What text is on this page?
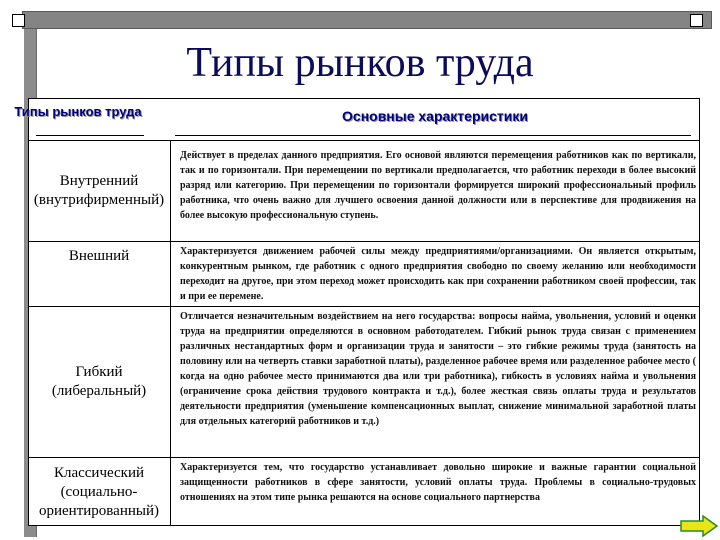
Типы рынков труда
Типы рынков труда	Основные характеристики
Внутренний (внутрифирменный)
Действует в пределах данного предприятия. Его основой являются перемещения работников как по вертикали, так и по горизонтали. При перемещении по вертикали предполагается, что работник переходи в более высокий разряд или категорию. При перемещении по горизонтали формируется широкий профессиональный профиль работника, что очень важно для лучшего освоения данной должности или в перспективе для продвижения на более высокую профессиональную ступень.
Внешний	Характеризуется движением рабочей силы между предприятиями/организациями. Он является открытым, конкурентным рынком, где работник с одного предприятия свободно по своему желанию или необходимости переходит на другое, при этом переход может происходить как при сохранении работником своей профессии, так и при ее перемене.
Гибкий (либеральный)
Отличается незначительным воздействием на него государства: вопросы найма, увольнения, условий и оценки труда на предприятии определяются в основном работодателем. Гибкий рынок труда связан с применением различных нестандартных форм и организации труда и занятости – это гибкие режимы труда (занятость на половину или на четверть ставки заработной платы), разделенное рабочее время или разделенное рабочее место ( когда на одно рабочее место принимаются два или три работника), гибкость в условиях найма и увольнения (ограничение срока действия трудового контракта и т.д.), более жесткая связь оплаты труда и результатов деятельности предприятия (уменьшение компенсационных выплат, снижение минимальной заработной платы для отдельных категорий работников и т.д.)
Классический (социально-ориентированный)
Характеризуется тем, что государство устанавливает довольно широкие и важные гарантии социальной защищенности работников в сфере занятости, условий оплаты труда. Проблемы в социально-трудовых отношениях на этом типе рынка решаются на основе социального партнерства
